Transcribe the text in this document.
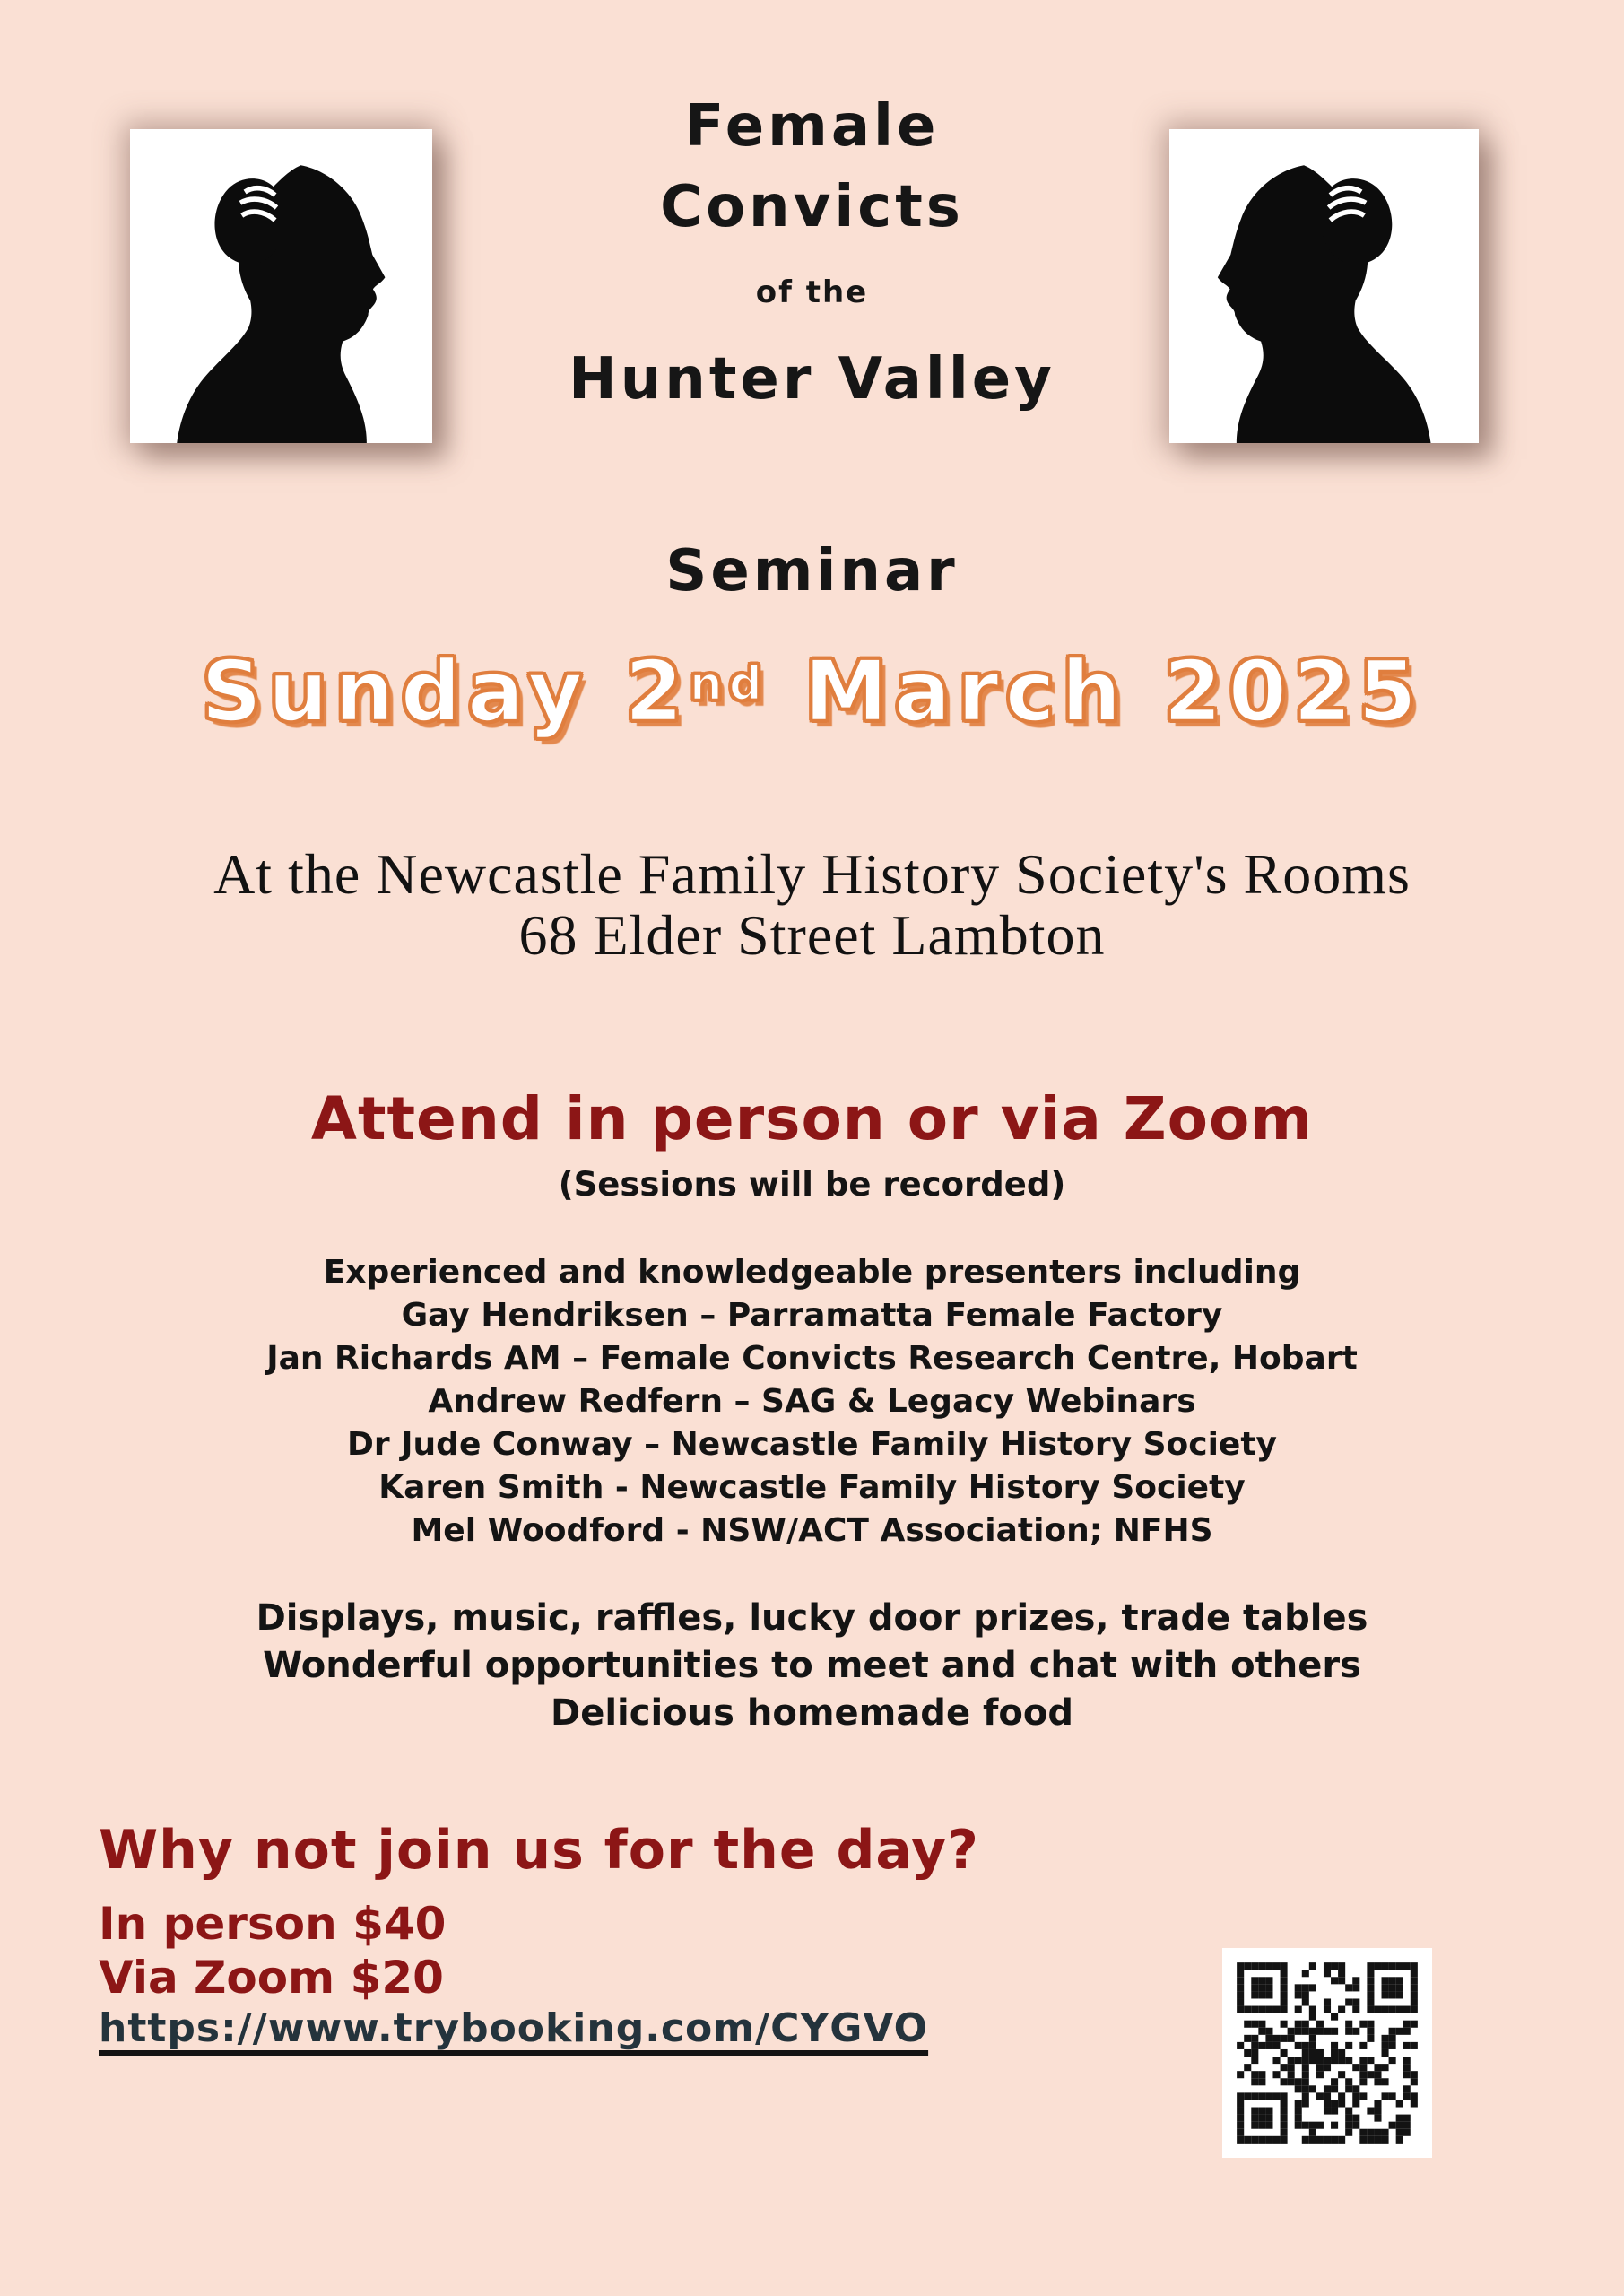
Female
Convicts
of the
Hunter Valley
Seminar
Sunday 2nd March 2025
At the Newcastle Family History Society's Rooms
68 Elder Street Lambton
Attend in person or via Zoom
(Sessions will be recorded)
Experienced and knowledgeable presenters including
Gay Hendriksen – Parramatta Female Factory
Jan Richards AM – Female Convicts Research Centre, Hobart
Andrew Redfern – SAG & Legacy Webinars
Dr Jude Conway – Newcastle Family History Society
Karen Smith - Newcastle Family History Society
Mel Woodford - NSW/ACT Association; NFHS
Displays, music, raffles, lucky door prizes, trade tables
Wonderful opportunities to meet and chat with others
Delicious homemade food
Why not join us for the day?
In person $40
Via Zoom $20
https://www.trybooking.com/CYGVO
